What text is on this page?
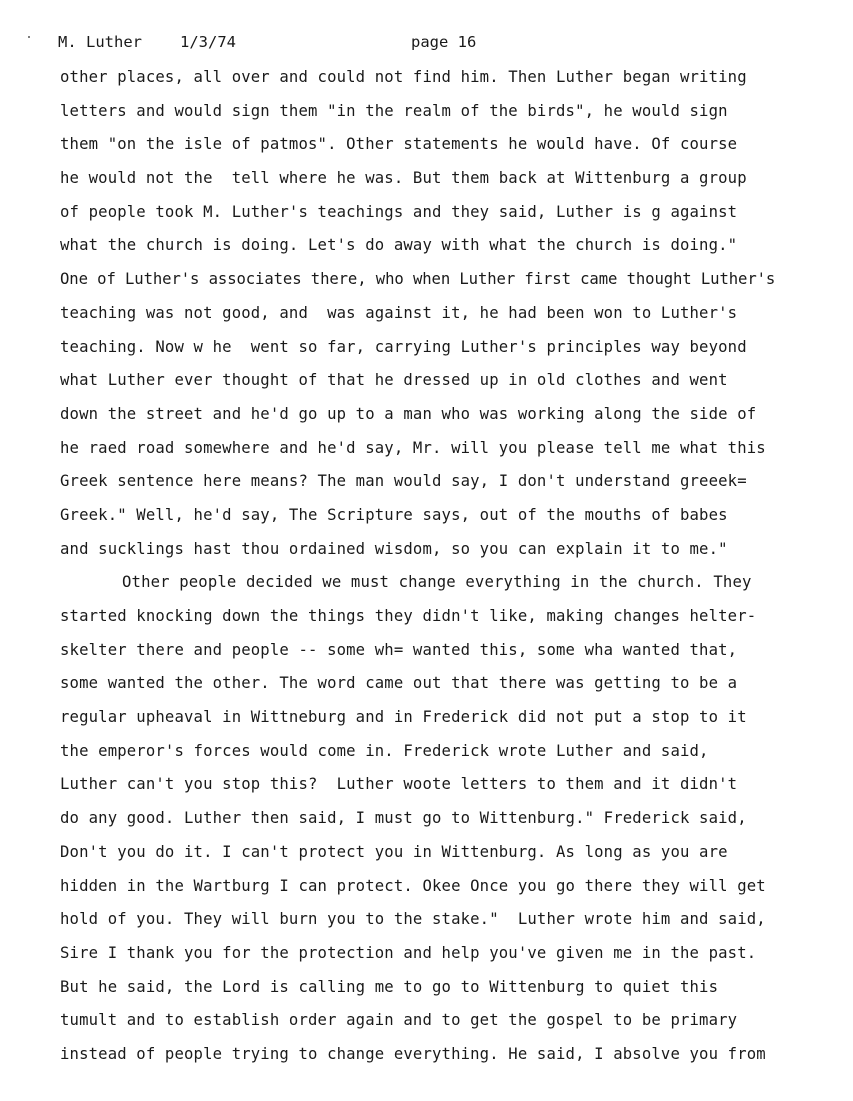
M. Luther

1/3/74

	page 16

other places, all over and could not find him. Then Luther began writing
letters and would sign them "in the realm of the birds", he would sign
them "on the isle of patmos". Other statements he would have. Of course
he would not the  tell where he was. But them back at Wittenburg a group
of people took M. Luther's teachings and they said, Luther is g against
what the church is doing. Let's do away with what the church is doing."
One of Luther's associates there, who when Luther first came thought Luther's
teaching was not good, and  was against it, he had been won to Luther's
teaching. Now w he  went so far, carrying Luther's principles way beyond
what Luther ever thought of that he dressed up in old clothes and went
down the street and he'd go up to a man who was working along the side of
he raed road somewhere and he'd say, Mr. will you please tell me what this
Greek sentence here means? The man would say, I don't understand greeek=
Greek." Well, he'd say, The Scripture says, out of the mouths of babes
and sucklings hast thou ordained wisdom, so you can explain it to me."
Other people decided we must change everything in the church. They
started knocking down the things they didn't like, making changes helter-
skelter there and people -- some wh= wanted this, some wha wanted that,
some wanted the other. The word came out that there was getting to be a
regular upheaval in Wittneburg and in Frederick did not put a stop to it
the emperor's forces would come in. Frederick wrote Luther and said,
Luther can't you stop this?  Luther woote letters to them and it didn't
do any good. Luther then said, I must go to Wittenburg." Frederick said,
Don't you do it. I can't protect you in Wittenburg. As long as you are
hidden in the Wartburg I can protect. Okee Once you go there they will get
hold of you. They will burn you to the stake."  Luther wrote him and said,
Sire I thank you for the protection and help you've given me in the past.
But he said, the Lord is calling me to go to Wittenburg to quiet this
tumult and to establish order again and to get the gospel to be primary
instead of people trying to change everything. He said, I absolve you from
